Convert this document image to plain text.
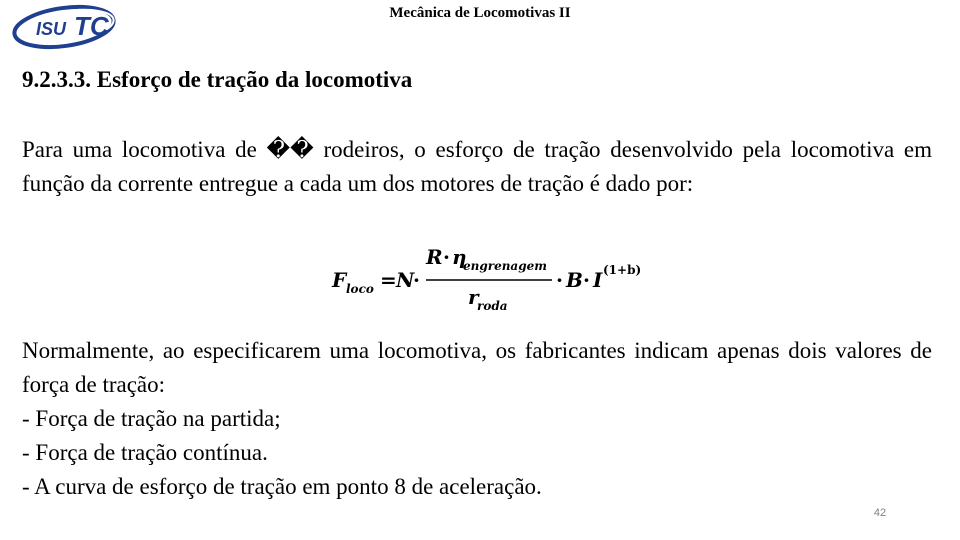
ISU TC	Mecânica de Locomotivas II
9.2.3.3. Esforço de tração da locomotiva

Para uma locomotiva de �� rodeiros, o esforço de tração desenvolvido pela locomotiva em função da corrente entregue a cada um dos motores de tração é dado por:

F loco = N
·
R · η
engrenagem
r
roda
· B · I (1+b)

Normalmente, ao especificarem uma locomotiva, os fabricantes indicam apenas dois valores de força de tração:

- Força de tração na partida;

- Força de tração contínua.

- A curva de esforço de tração em ponto 8 de aceleração.

42
